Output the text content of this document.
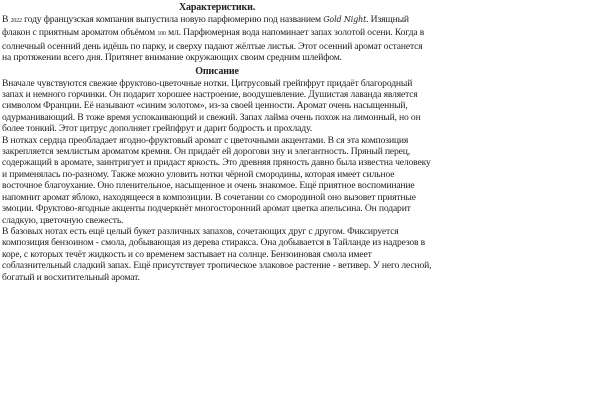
Характеристики.

В 2022 году французская компания выпустила новую парфюмерию под названием Gold Night. Изящный флакон с приятным ароматом объёмом 100 мл. Парфюмерная вода напоминает запах золотой осени. Когда в солнечный осенний день идёшь по парку, и сверху падают жёлтые листья. Этот осенний аромат останется на протяжении всего дня. Притянет внимание окружающих своим средним шлейфом.

Описание

Вначале чувствуются свежие фруктово-цветочные нотки. Цитрусовый грейпфрут придаёт благородный запах и немного горчинки. Он подарит хорошее настроение, воодушевление. Душистая лаванда является символом Франции. Её называют «синим золотом», из-за своей ценности. Аромат очень насыщенный, одурманивающий. В тоже время успокаивающий и свежий. Запах лайма очень похож на лимонный, но он более тонкий. Этот цитрус дополняет грейпфрут и дарит бодрость и прохладу.

В нотках сердца преобладает ягодно-фруктовый аромат с цветочными акцентами. В ся эта композиция закрепляется землистым ароматом кремня. Он придаёт ей дорогови зну и элегантность. Пряный перец, содержащий в аромате, заинтригует и придаст яркость. Это древняя пряность давно была известна человеку и применялась по-разному. Также можно уловить нотки чёрной смородины, которая имеет сильное восточное благоухание. Оно пленительное, насыщенное и очень знакомое. Ещё приятное воспоминание напомнит аромат яблоко, находящееся в композиции. В сочетании со смородиной оно вызовет приятные эмоции. Фруктово-ягодные акценты подчеркнёт многосторонний аромат цветка апельсина. Он подарит сладкую, цветочную свежесть.

В базовых нотах есть ещё целый букет различных запахов, сочетающих друг с другом. Фиксируется композиция бензоином - смола, добывающая из дерева стиракса. Она добывается в Тайланде из надрезов в коре, с которых течёт жидкость и со временем застывает на солнце. Бензоиновая смола имеет соблазнительный сладкий запах. Ещё присутствует тропическое злаковое растение - ветивер. У него лесной, богатый и восхитительный аромат.
